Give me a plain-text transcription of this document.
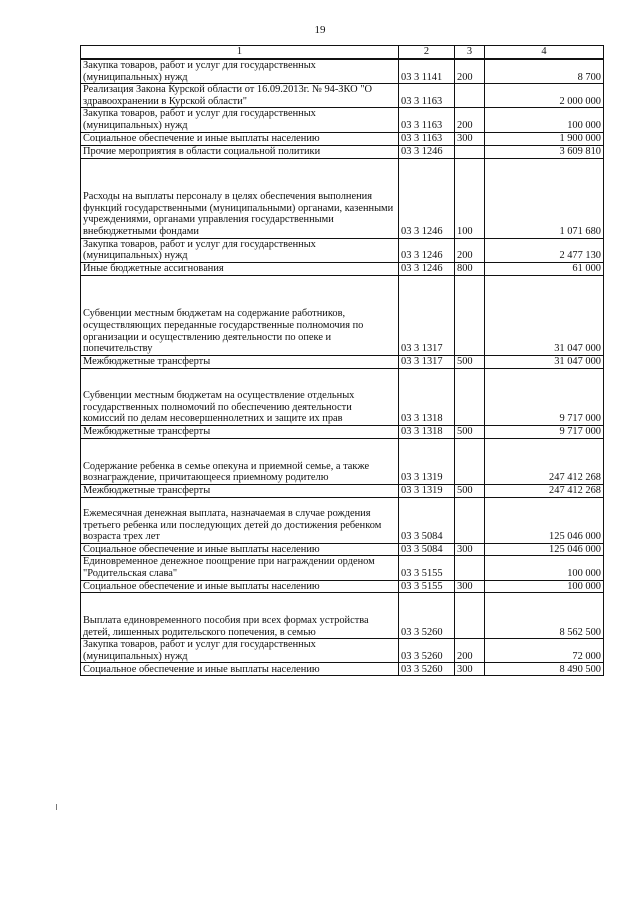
19
1	2	3	4
Закупка товаров, работ и услуг для государственных (муниципальных) нужд	03 3 1141	200	8 700
Реализация Закона Курской области от 16.09.2013г. № 94-ЗКО "О здравоохранении в Курской области"	03 3 1163		2 000 000
Закупка товаров, работ и услуг для государственных (муниципальных) нужд	03 3 1163	200	100 000
Социальное обеспечение и иные выплаты населению	03 3 1163	300	1 900 000
Прочие мероприятия в области социальной политики	03 3 1246		3 609 810
Расходы на выплаты персоналу в целях обеспечения выполнения функций государственными (муниципальными) органами, казенными учреждениями, органами управления государственными внебюджетными фондами	03 3 1246	100	1 071 680
Закупка товаров, работ и услуг для государственных (муниципальных) нужд	03 3 1246	200	2 477 130
Иные бюджетные ассигнования	03 3 1246	800	61 000
Субвенции местным бюджетам на содержание работников, осуществляющих переданные государственные полномочия по организации и осуществлению деятельности по опеке и попечительству	03 3 1317		31 047 000
Межбюджетные трансферты	03 3 1317	500	31 047 000
Субвенции местным бюджетам на осуществление отдельных государственных полномочий по обеспечению деятельности комиссий по делам несовершеннолетних и защите их прав	03 3 1318		9 717 000
Межбюджетные трансферты	03 3 1318	500	9 717 000
Содержание ребенка в семье опекуна и приемной семье, а также вознаграждение, причитающееся приемному родителю	03 3 1319		247 412 268
Межбюджетные трансферты	03 3 1319	500	247 412 268
Ежемесячная денежная выплата, назначаемая в случае рождения третьего ребенка или последующих детей до достижения ребенком возраста трех лет	03 3 5084		125 046 000
Социальное обеспечение и иные выплаты населению	03 3 5084	300	125 046 000
Единовременное денежное поощрение при награждении орденом "Родительская слава"	03 3 5155		100 000
Социальное обеспечение и иные выплаты населению	03 3 5155	300	100 000
Выплата единовременного пособия при всех формах устройства детей, лишенных родительского попечения, в семью	03 3 5260		8 562 500
Закупка товаров, работ и услуг для государственных (муниципальных) нужд	03 3 5260	200	72 000
Социальное обеспечение и иные выплаты населению	03 3 5260	300	8 490 500
